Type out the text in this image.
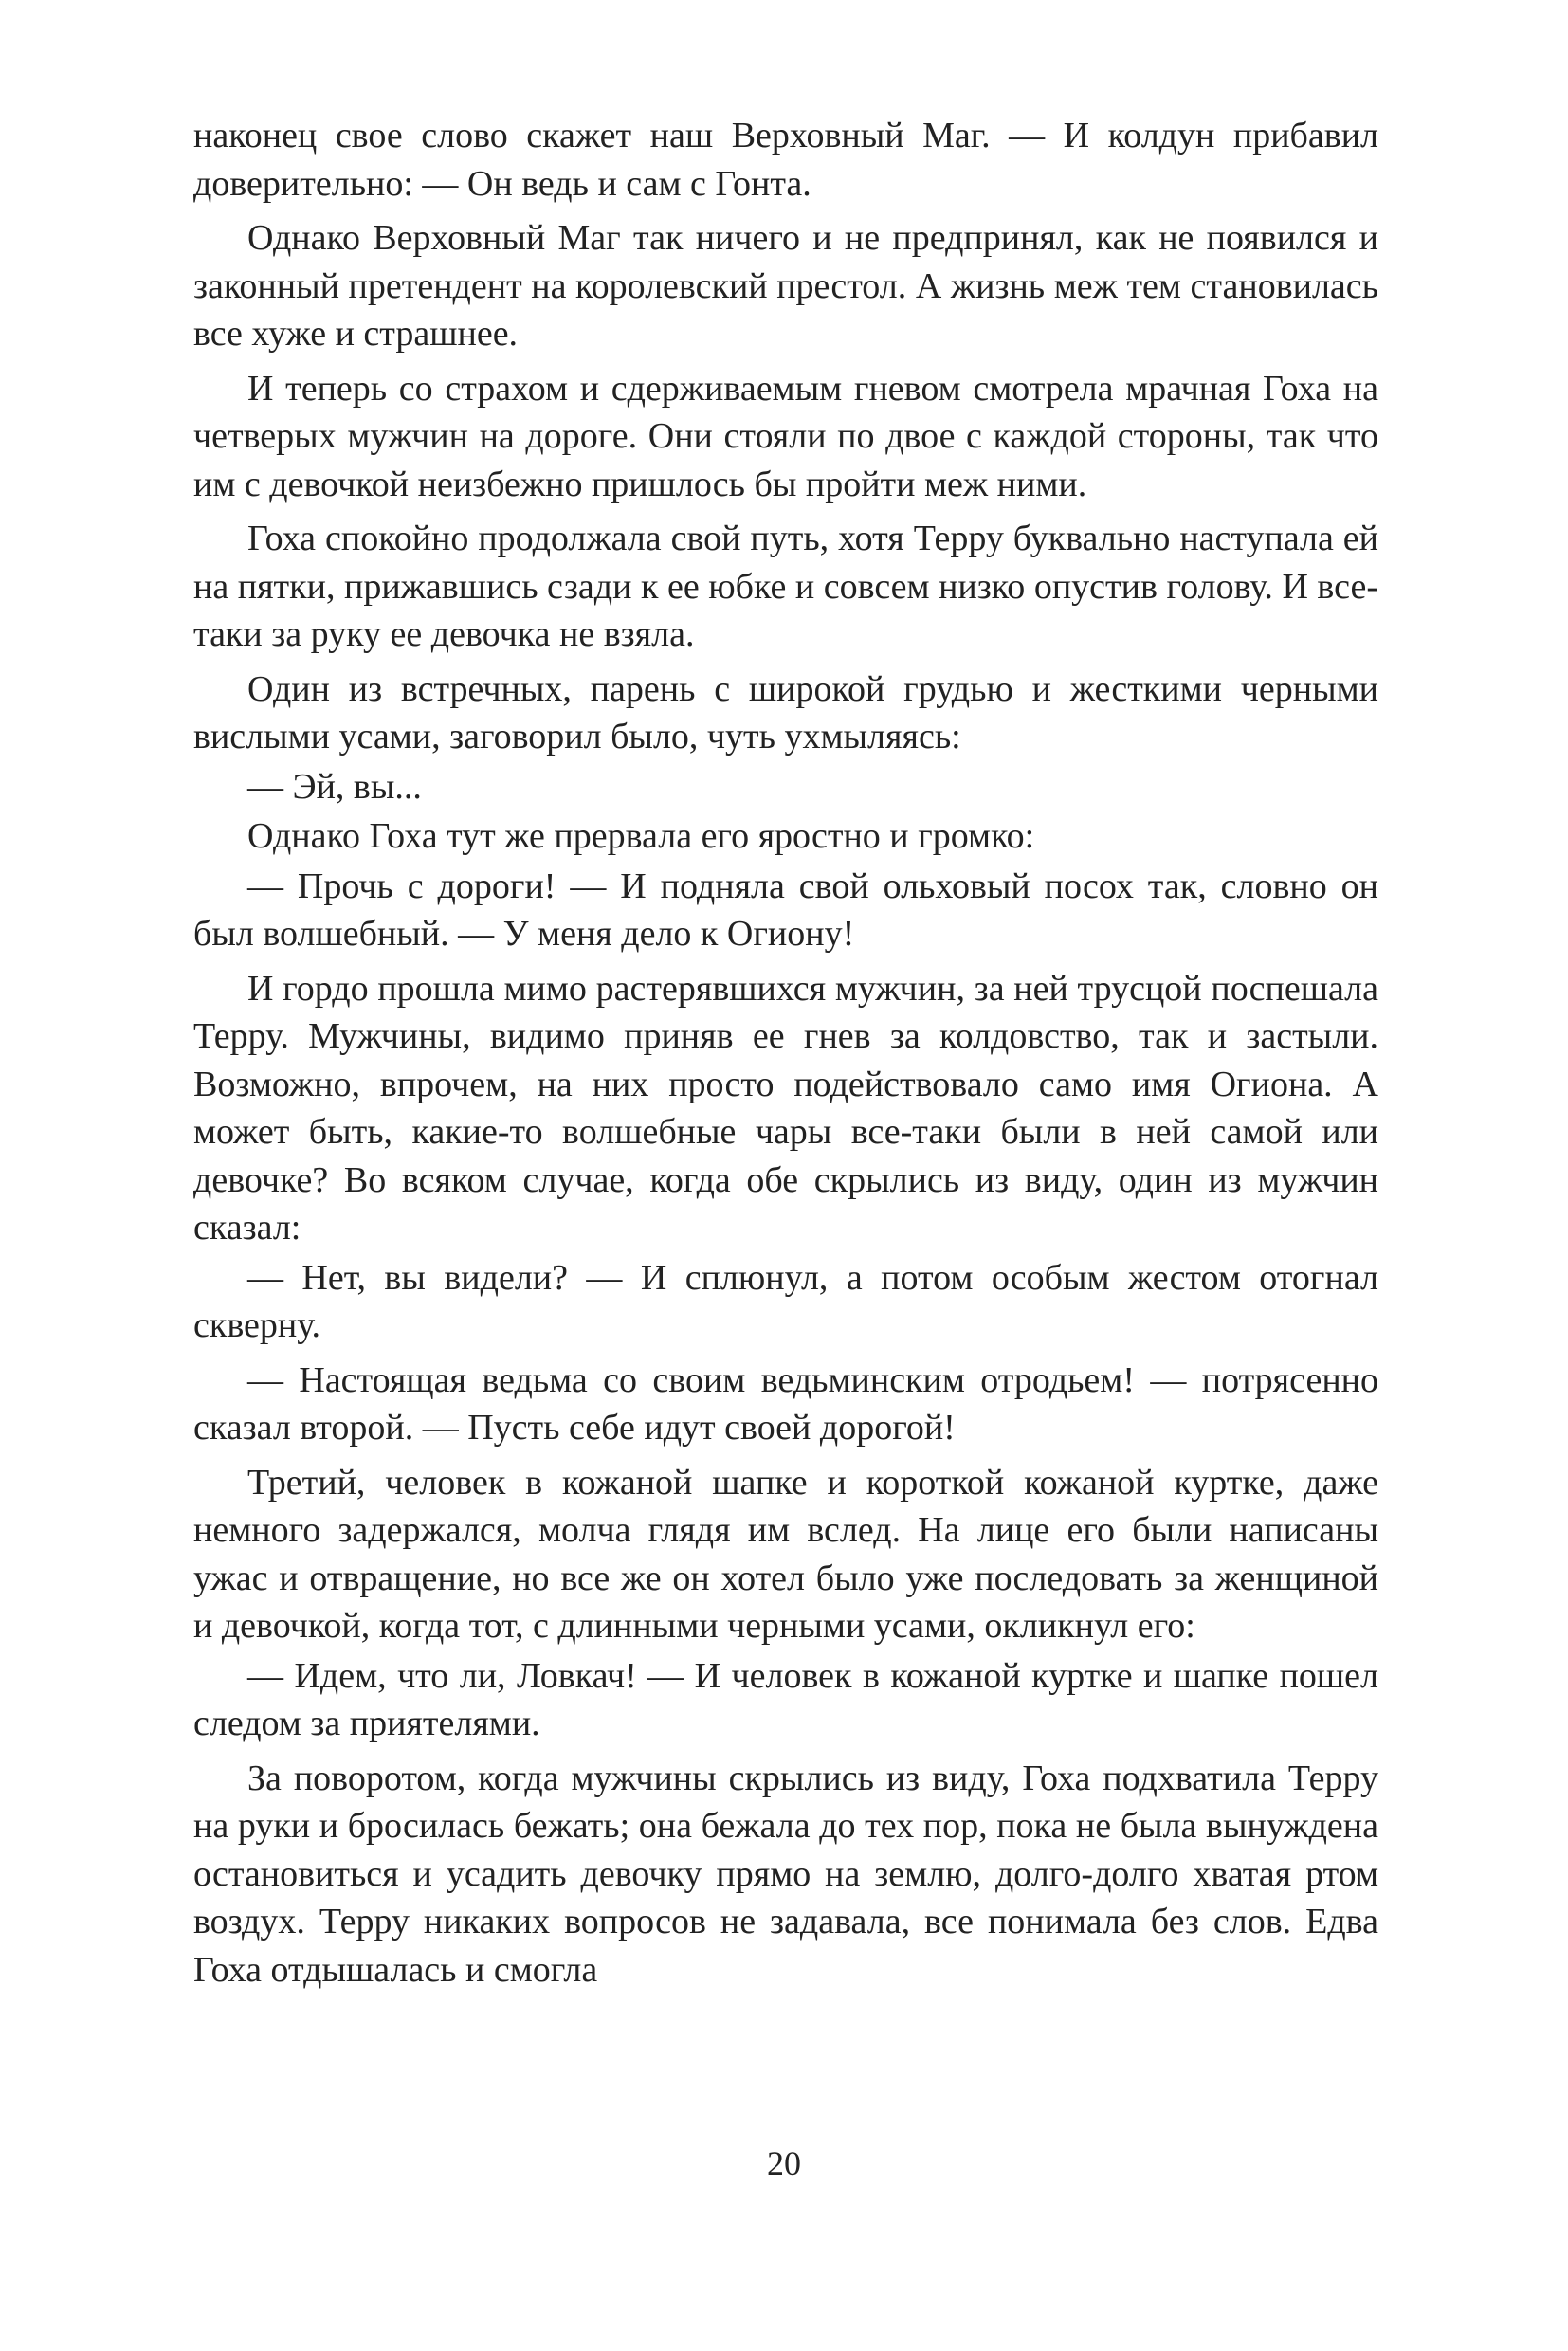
наконец свое слово скажет наш Верховный Маг. — И колдун прибавил доверительно: — Он ведь и сам с Гонта.

Однако Верховный Маг так ничего и не предпринял, как не появился и законный претендент на королевский престол. А жизнь меж тем становилась все хуже и страшнее.

И теперь со страхом и сдерживаемым гневом смотрела мрачная Гоха на четверых мужчин на дороге. Они стояли по двое с каждой стороны, так что им с девочкой неизбежно пришлось бы пройти меж ними.

Гоха спокойно продолжала свой путь, хотя Терру буквально наступала ей на пятки, прижавшись сзади к ее юбке и совсем низко опустив голову. И все-таки за руку ее девочка не взяла.

Один из встречных, парень с широкой грудью и жесткими черными вислыми усами, заговорил было, чуть ухмыляясь:

— Эй, вы...

Однако Гоха тут же прервала его яростно и громко:

— Прочь с дороги! — И подняла свой ольховый посох так, словно он был волшебный. — У меня дело к Огиону!

И гордо прошла мимо растерявшихся мужчин, за ней трусцой поспешала Терру. Мужчины, видимо приняв ее гнев за колдовство, так и застыли. Возможно, впрочем, на них просто подействовало само имя Огиона. А может быть, какие-то волшебные чары все-таки были в ней самой или девочке? Во всяком случае, когда обе скрылись из виду, один из мужчин сказал:

— Нет, вы видели? — И сплюнул, а потом особым жестом отогнал скверну.

— Настоящая ведьма со своим ведьминским отродьем! — потрясенно сказал второй. — Пусть себе идут своей дорогой!

Третий, человек в кожаной шапке и короткой кожаной куртке, даже немного задержался, молча глядя им вслед. На лице его были написаны ужас и отвращение, но все же он хотел было уже последовать за женщиной и девочкой, когда тот, с длинными черными усами, окликнул его:

— Идем, что ли, Ловкач! — И человек в кожаной куртке и шапке пошел следом за приятелями.

За поворотом, когда мужчины скрылись из виду, Гоха подхватила Терру на руки и бросилась бежать; она бежала до тех пор, пока не была вынуждена остановиться и усадить девочку прямо на землю, долго-долго хватая ртом воздух. Терру никаких вопросов не задавала, все понимала без слов. Едва Гоха отдышалась и смогла

20
